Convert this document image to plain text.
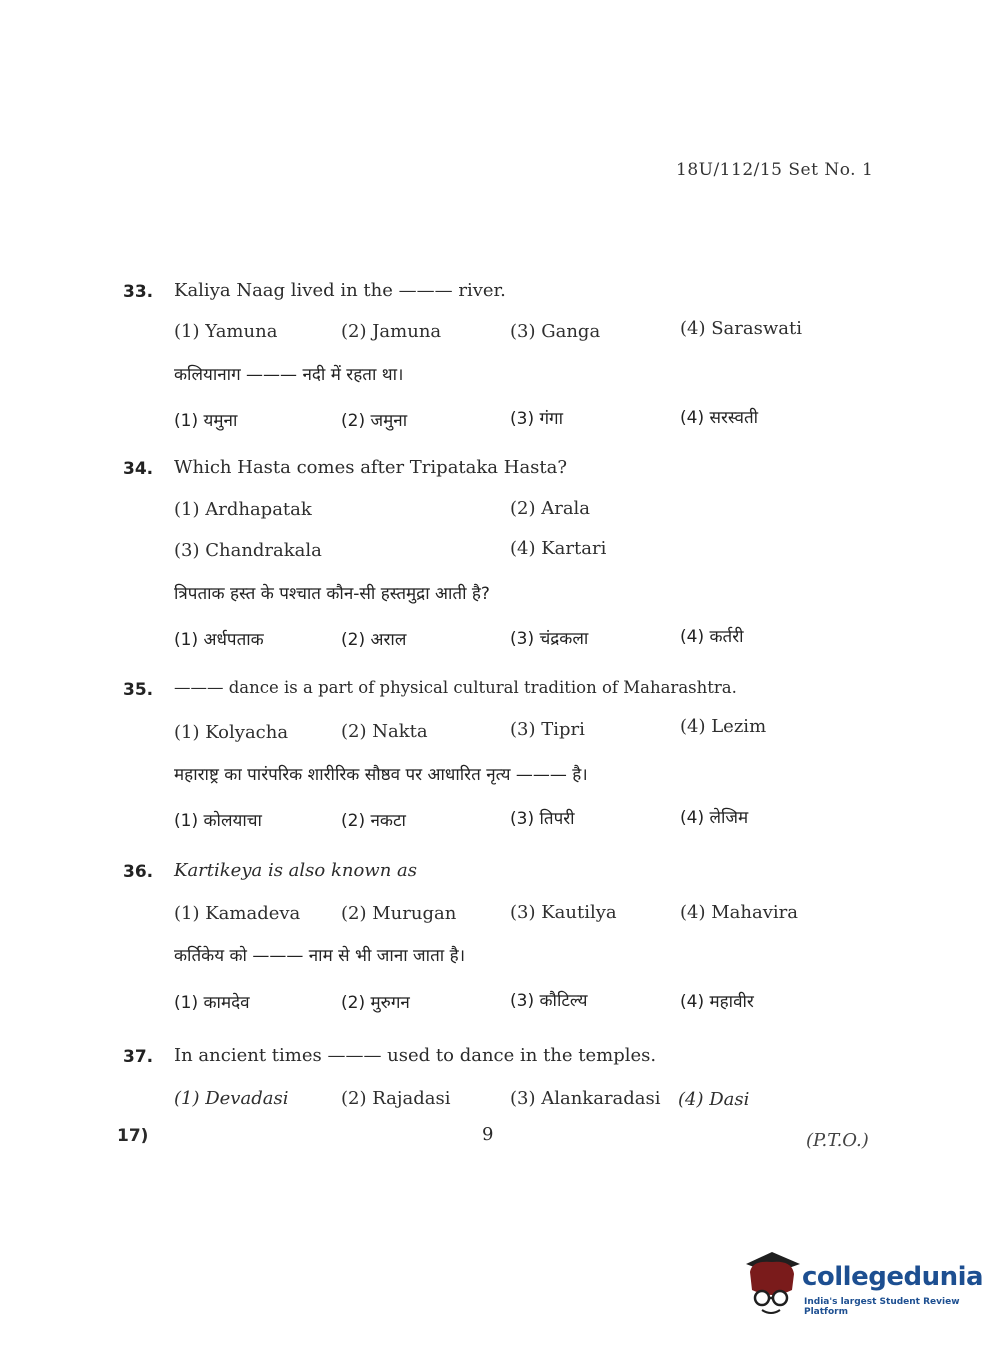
18U/112/15 Set No. 1
33. Kaliya Naag lived in the ——— river.
(1) Yamuna	(2) Jamuna	(3) Ganga	(4) Saraswati
कलियानाग ——— नदी में रहता था।
(1) यमुना	(2) जमुना	(3) गंगा	(4) सरस्वती
34. Which Hasta comes after Tripataka Hasta?
(1) Ardhapatak	(2) Arala
(3) Chandrakala	(4) Kartari
त्रिपताक हस्त के पश्चात कौन-सी हस्तमुद्रा आती है?
(1) अर्धपताक	(2) अराल	(3) चंद्रकला	(4) कर्तरी
35. ——— dance is a part of physical cultural tradition of Maharashtra.
(1) Kolyacha	(2) Nakta	(3) Tipri	(4) Lezim
महाराष्ट्र का पारंपरिक शारीरिक सौष्ठव पर आधारित नृत्य ——— है।
(1) कोलयाचा	(2) नकटा	(3) तिपरी	(4) लेजिम
36. Kartikeya is also known as
(1) Kamadeva (2) Murugan	(3) Kautilya	(4) Mahavira
कर्तिकेय को ——— नाम से भी जाना जाता है।
(1) कामदेव	(2) मुरुगन	(3) कौटिल्य	(4) महावीर
37. In ancient times ——— used to dance in the temples.
(1) Devadasi	(2) Rajadasi	(3) Alankaradasi (4) Dasi
17)	9	(P.T.O.)
collegedunia
India's largest Student Review Platform
